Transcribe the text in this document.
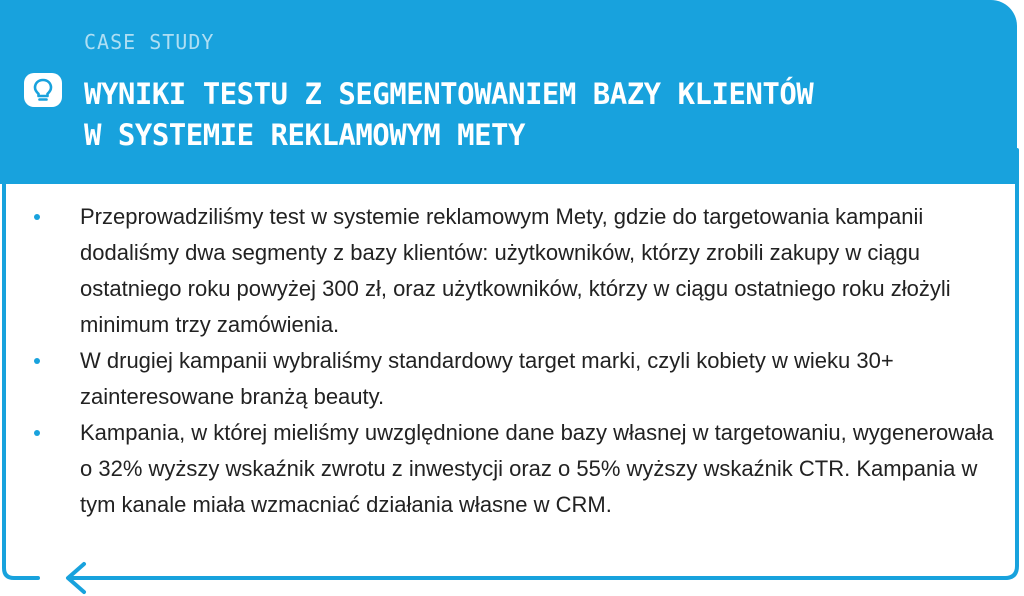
CASE STUDY
WYNIKI TESTU Z SEGMENTOWANIEM BAZY KLIENTÓW
W SYSTEMIE REKLAMOWYM METY
Przeprowadziliśmy test w systemie reklamowym Mety, gdzie do targetowania kampanii dodaliśmy dwa segmenty z bazy klientów: użytkowników, którzy zrobili zakupy w ciągu ostatniego roku powyżej 300 zł, oraz użytkowników, którzy w ciągu ostatniego roku złożyli minimum trzy zamówienia.
W drugiej kampanii wybraliśmy standardowy target marki, czyli kobiety w wieku 30+ zainteresowane branżą beauty.
Kampania, w której mieliśmy uwzględnione dane bazy własnej w targetowaniu, wygenerowała o 32% wyższy wskaźnik zwrotu z inwestycji oraz o 55% wyższy wskaźnik CTR. Kampania w tym kanale miała wzmacniać działania własne w CRM.
